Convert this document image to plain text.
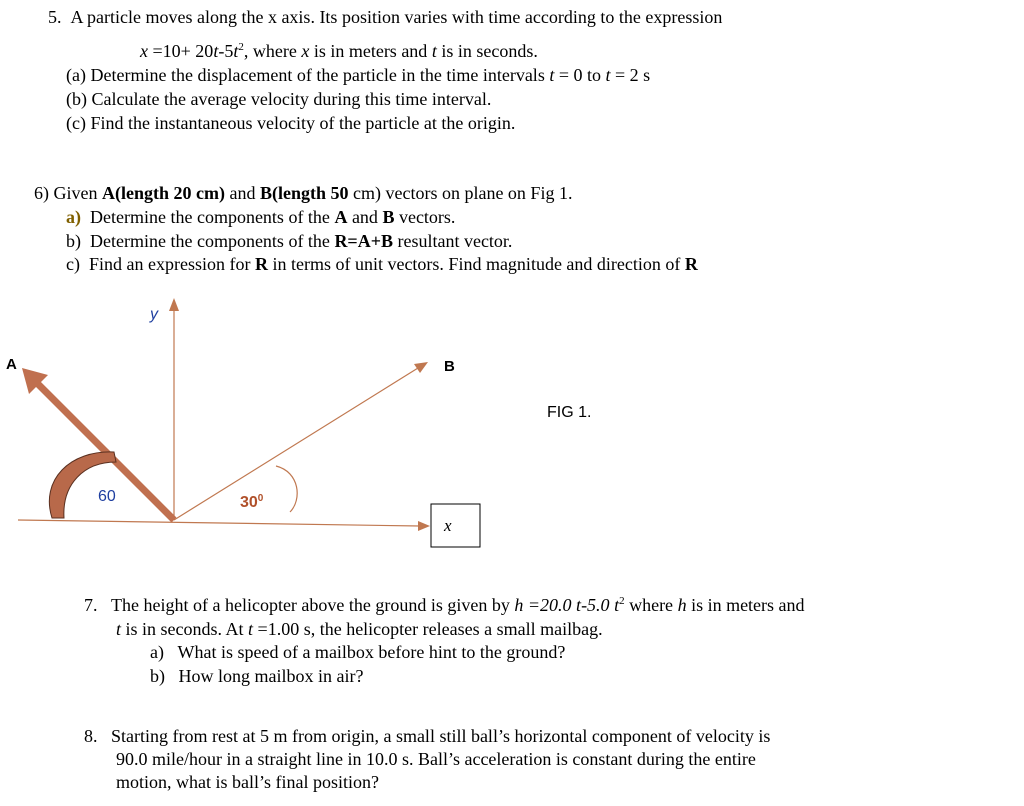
5. A particle moves along the x axis. Its position varies with time according to the expression
$x =10+ 20t-5t^2$, where x is in meters and t is in seconds.
(a) Determine the displacement of the particle in the time intervals t = 0 to t = 2 s
(b) Calculate the average velocity during this time interval.
(c) Find the instantaneous velocity of the particle at the origin.
6) Given A(length 20 cm) and B(length 50 cm) vectors on plane on Fig 1.
a) Determine the components of the A and B vectors.
b) Determine the components of the R=A+B resultant vector.
c) Find an expression for R in terms of unit vectors. Find magnitude and direction of R
A	B
y
x
60	$30^0$
FIG 1.
7. The height of a helicopter above the ground is given by h =20.0 t-5.0 $t^2$ where h is in meters and
t is in seconds. At t =1.00 s, the helicopter releases a small mailbag.
a) What is speed of a mailbox before hint to the ground?
b) How long mailbox in air?
8. Starting from rest at 5 m from origin, a small still ball’s horizontal component of velocity is
90.0 mile/hour in a straight line in 10.0 s. Ball’s acceleration is constant during the entire
motion, what is ball’s final position?
